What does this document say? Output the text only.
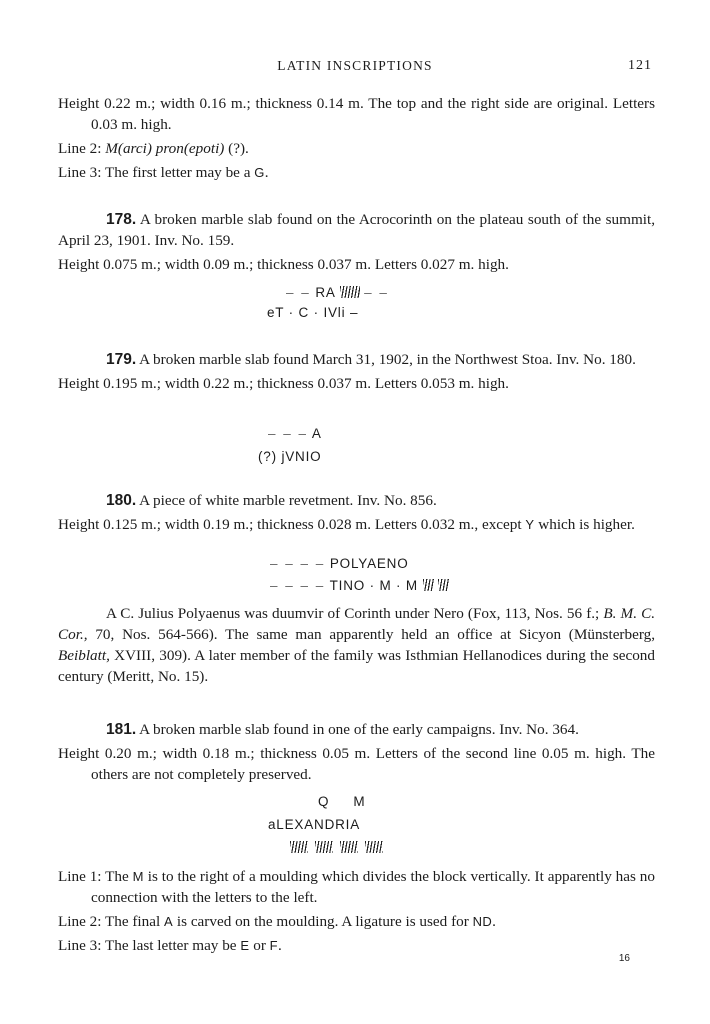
LATIN INSCRIPTIONS	121

Height 0.22 m.; width 0.16 m.; thickness 0.14 m. The top and the right side are original. Letters 0.03 m. high.

Line 2: M(arci) pron(epoti) (?).

Line 3: The first letter may be a G.

178. A broken marble slab found on the Acrocorinth on the plateau south of the summit, April 23, 1901. Inv. No. 159.

Height 0.075 m.; width 0.09 m.; thickness 0.037 m. Letters 0.027 m. high.

– – RA – –
eT · C · IVli –

179. A broken marble slab found March 31, 1902, in the Northwest Stoa. Inv. No. 180.

Height 0.195 m.; width 0.22 m.; thickness 0.037 m. Letters 0.053 m. high.

– – – A
(?) jVNIO

180. A piece of white marble revetment. Inv. No. 856.

Height 0.125 m.; width 0.19 m.; thickness 0.028 m. Letters 0.032 m., except Y which is higher.

– – – – POLYAENO
– – – – TINO · M · M

A C. Julius Polyaenus was duumvir of Corinth under Nero (Fox, 113, Nos. 56 f.; B. M. C. Cor., 70, Nos. 564-566). The same man apparently held an office at Sicyon (Münsterberg, Beiblatt, XVIII, 309). A later member of the family was Isthmian Hellanodices during the second century (Meritt, No. 15).

181. A broken marble slab found in one of the early campaigns. Inv. No. 364.

Height 0.20 m.; width 0.18 m.; thickness 0.05 m. Letters of the second line 0.05 m. high. The others are not completely preserved.

Q M
aLEXANDRIA

Line 1: The M is to the right of a moulding which divides the block vertically. It apparently has no connection with the letters to the left.

Line 2: The final A is carved on the moulding. A ligature is used for ND.

Line 3: The last letter may be E or F.

16
